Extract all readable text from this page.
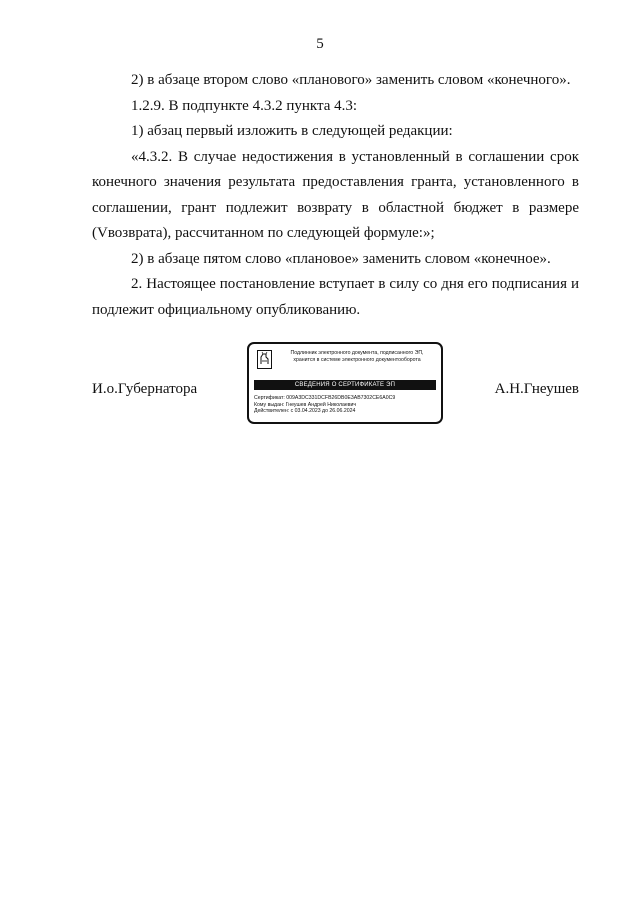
5

2) в абзаце втором слово «планового» заменить словом «конечного».

1.2.9. В подпункте 4.3.2 пункта 4.3:

1) абзац первый изложить в следующей редакции:

«4.3.2. В случае недостижения в установленный в соглашении срок конечного значения результата предоставления гранта, установленного в соглашении, грант подлежит возврату в областной бюджет в размере (Vвозврата), рассчитанном по следующей формуле:»;

2) в абзаце пятом слово «плановое» заменить словом «конечное».

2. Настоящее постановление вступает в силу со дня его подписания и подлежит официальному опубликованию.

И.о.Губернатора
Подлинник электронного документа, подписанного ЭП,
хранится в системе электронного документооборота
СВЕДЕНИЯ О СЕРТИФИКАТЕ ЭП
Сертификат: 009A3DC331DCFB26DB0E3AB7302CE6A0C9
Кому выдан: Гнеушев Андрей Николаевич
Действителен: с 03.04.2023 до 26.06.2024
А.Н.Гнеушев
